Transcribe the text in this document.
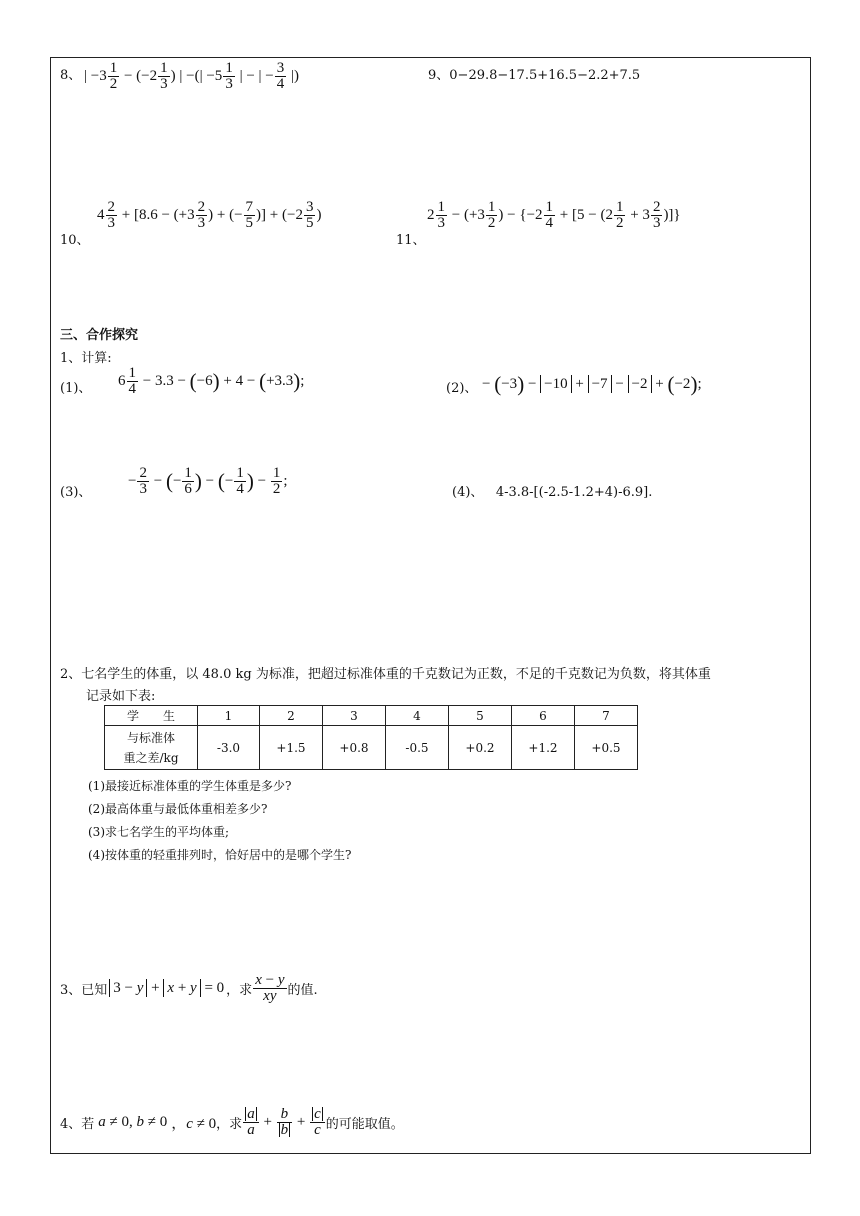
8、 | $-3 \frac{1}{2} - (-2 \frac{1}{3}$ ) | −(| $-5 \frac{1}{3}$ | − | − $\frac{3}{4}$ |)	9、0−29.8−17.5+16.5−2.2+7.5
10、
$4 \frac{2}{3} + [8.6 - (+3 \frac{2}{3}$ ) + (− $\frac{7}{5}$ )] + ($-2 \frac{3}{5}$ )
11、
$2 \frac{1}{3} - (+3 \frac{1}{2}$ ) − {$-2 \frac{1}{4} + [5 - (2 \frac{1}{2} + 3 \frac{2}{3}$ )]}
三、合作探究
1、计算:
(1)、 $6 \frac{1}{4} - 3.3 - (-6) + 4 - (+3.3)$;	(2)、 − (−3) − −10 + −7 − −2 + (−2);
(3)、
− $\frac{2}{3}$ − (− $\frac{1}{6}$ ) − (− $\frac{1}{4}$ ) − $\frac{1}{2}$ ;
(4)、 4-3.8-[(-2.5-1.2+4)-6.9].
2、七名学生的体重，以 48.0 kg 为标准，把超过标准体重的千克数记为正数，不足的千克数记为负数，将其体重
记录如下表:
学　　生	1	2	3	4	5	6	7

与标准体
重之差/kg	-3.0	+1.5	+0.8	-0.5	+0.2	+1.2	+0.5
(1)最接近标准体重的学生体重是多少?
(2)最高体重与最低体重相差多少?
(3)求七名学生的平均体重;
(4)按体重的轻重排列时，恰好居中的是哪个学生?
3、已知 3 − y + x + y = 0 ，求 $\frac{x - y}{xy}$ 的值.
4、若 a ≠ 0, b ≠ 0 ，c ≠ 0 ，求 $\frac{a}{a} + \frac{b}{b} + \frac{c}{c}$ 的可能取值。
